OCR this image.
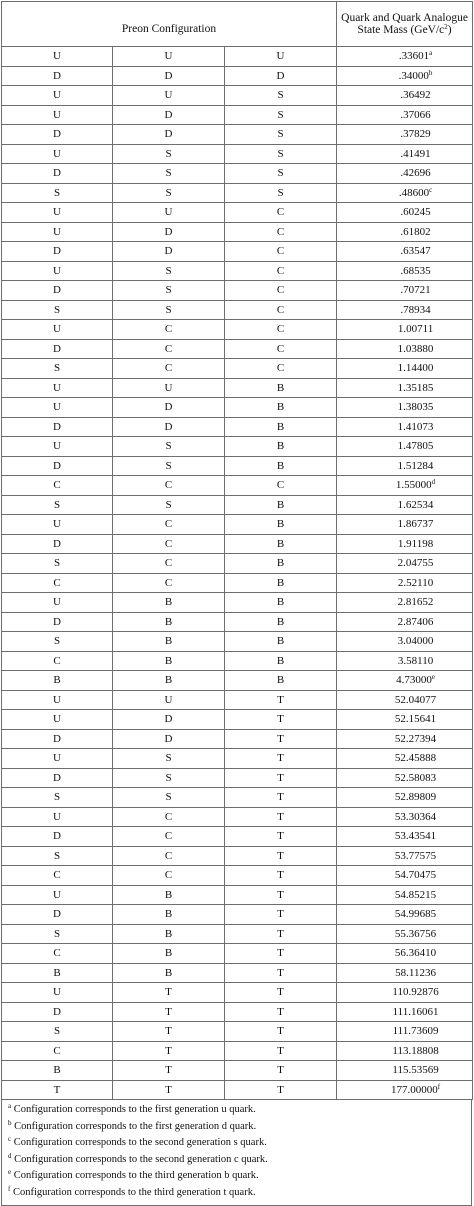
Preon Configuration			Quark and Quark Analogue
State Mass $(GeV/c^2)$
U	U	U	.33601$^a$
D	D	D	.34000$^b$
U	U	S	.36492
U	D	S	.37066
D	D	S	.37829
U	S	S	.41491
D	S	S	.42696
S	S	S	.48600$^c$
U	U	C	.60245
U	D	C	.61802
D	D	C	.63547
U	S	C	.68535
D	S	C	.70721
S	S	C	.78934
U	C	C	1.00711
D	C	C	1.03880
S	C	C	1.14400
U	U	B	1.35185
U	D	B	1.38035
D	D	B	1.41073
U	S	B	1.47805
D	S	B	1.51284
C	C	C	1.55000$^d$
S	S	B	1.62534
U	C	B	1.86737
D	C	B	1.91198
S	C	B	2.04755
C	C	B	2.52110
U	B	B	2.81652
D	B	B	2.87406
S	B	B	3.04000
C	B	B	3.58110
B	B	B	4.73000e
U	U	T	52.04077
U	D	T	52.15641
D	D	T	52.27394
U	S	T	52.45888
D	S	T	52.58083
S	S	T	52.89809
U	C	T	53.30364
D	C	T	53.43541
S	C	T	53.77575
C	C	T	54.70475
U	B	T	54.85215
D	B	T	54.99685
S	B	T	55.36756
C	B	T	56.36410
B	B	T	58.11236
U	T	T	110.92876
D	T	T	111.16061
S	T	T	111.73609
C	T	T	113.18808
B	T	T	115.53569
T	T	T	177.00000$^f$
$^a$ Configuration corresponds to the first generation u quark.
$^b$ Configuration corresponds to the first generation d quark.
$^c$ Configuration corresponds to the second generation s quark.
$^d$ Configuration corresponds to the second generation c quark.
$^e$ Configuration corresponds to the third generation b quark.
$^f$ Configuration corresponds to the third generation t quark.
